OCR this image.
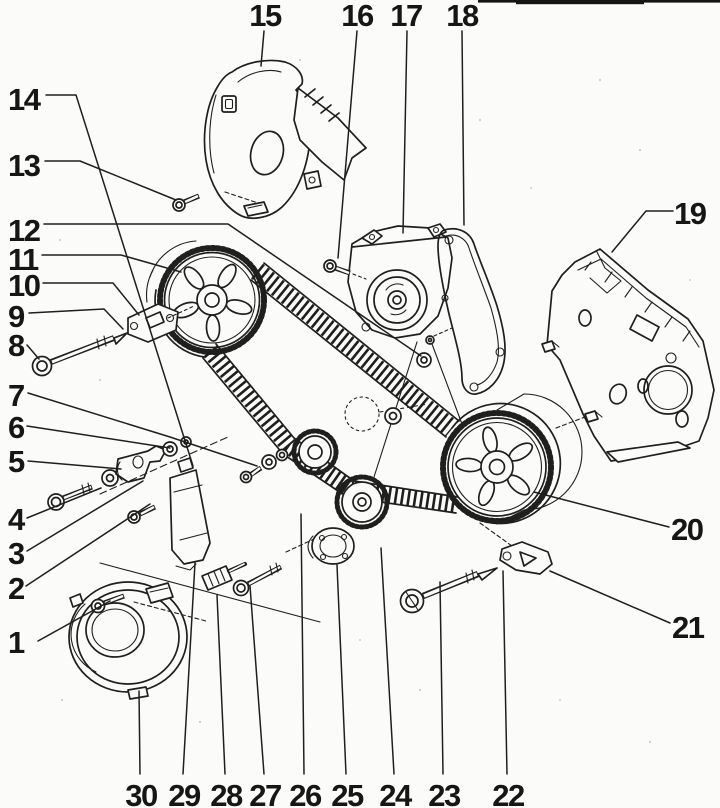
1
2
3
4
5
6
7
8
9
10
11
12
13
14
15 16 17 18
19
20
21
22
23
24
25
26
27
28
29
30
